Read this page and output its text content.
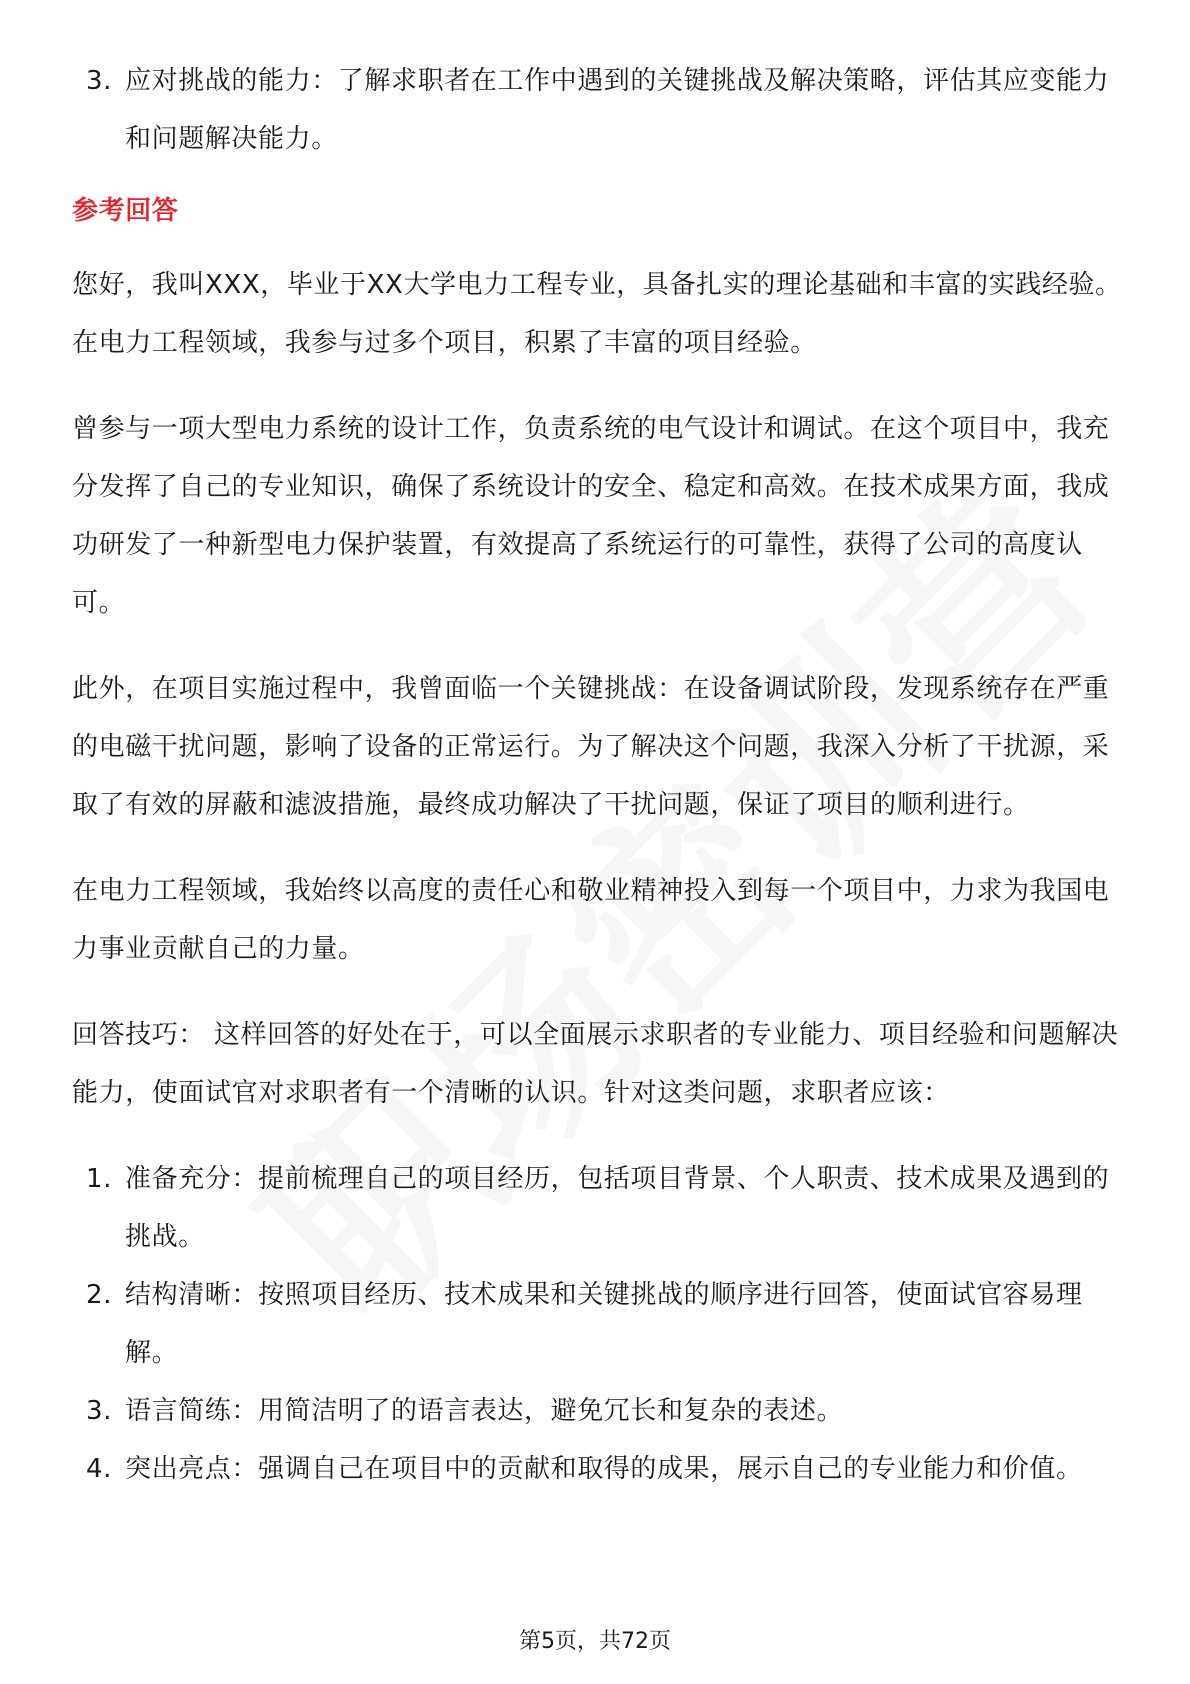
3. 应对挑战的能力：了解求职者在工作中遇到的关键挑战及解决策略，评估其应变能力和问题解决能力。
参考回答

您好，我叫XXX，毕业于XX大学电力工程专业，具备扎实的理论基础和丰富的实践经验。在电力工程领域，我参与过多个项目，积累了丰富的项目经验。

曾参与一项大型电力系统的设计工作，负责系统的电气设计和调试。在这个项目中，我充分发挥了自己的专业知识，确保了系统设计的安全、稳定和高效。在技术成果方面，我成功研发了一种新型电力保护装置，有效提高了系统运行的可靠性，获得了公司的高度认可。

此外，在项目实施过程中，我曾面临一个关键挑战：在设备调试阶段，发现系统存在严重的电磁干扰问题，影响了设备的正常运行。为了解决这个问题，我深入分析了干扰源，采取了有效的屏蔽和滤波措施，最终成功解决了干扰问题，保证了项目的顺利进行。

在电力工程领域，我始终以高度的责任心和敬业精神投入到每一个项目中，力求为我国电力事业贡献自己的力量。

回答技巧： 这样回答的好处在于，可以全面展示求职者的专业能力、项目经验和问题解决能力，使面试官对求职者有一个清晰的认识。针对这类问题，求职者应该：

1. 准备充分：提前梳理自己的项目经历，包括项目背景、个人职责、技术成果及遇到的挑战。
2. 结构清晰：按照项目经历、技术成果和关键挑战的顺序进行回答，使面试官容易理解。
3. 语言简练：用简洁明了的语言表达，避免冗长和复杂的表述。
4. 突出亮点：强调自己在项目中的贡献和取得的成果，展示自己的专业能力和价值。
第5页，共72页
